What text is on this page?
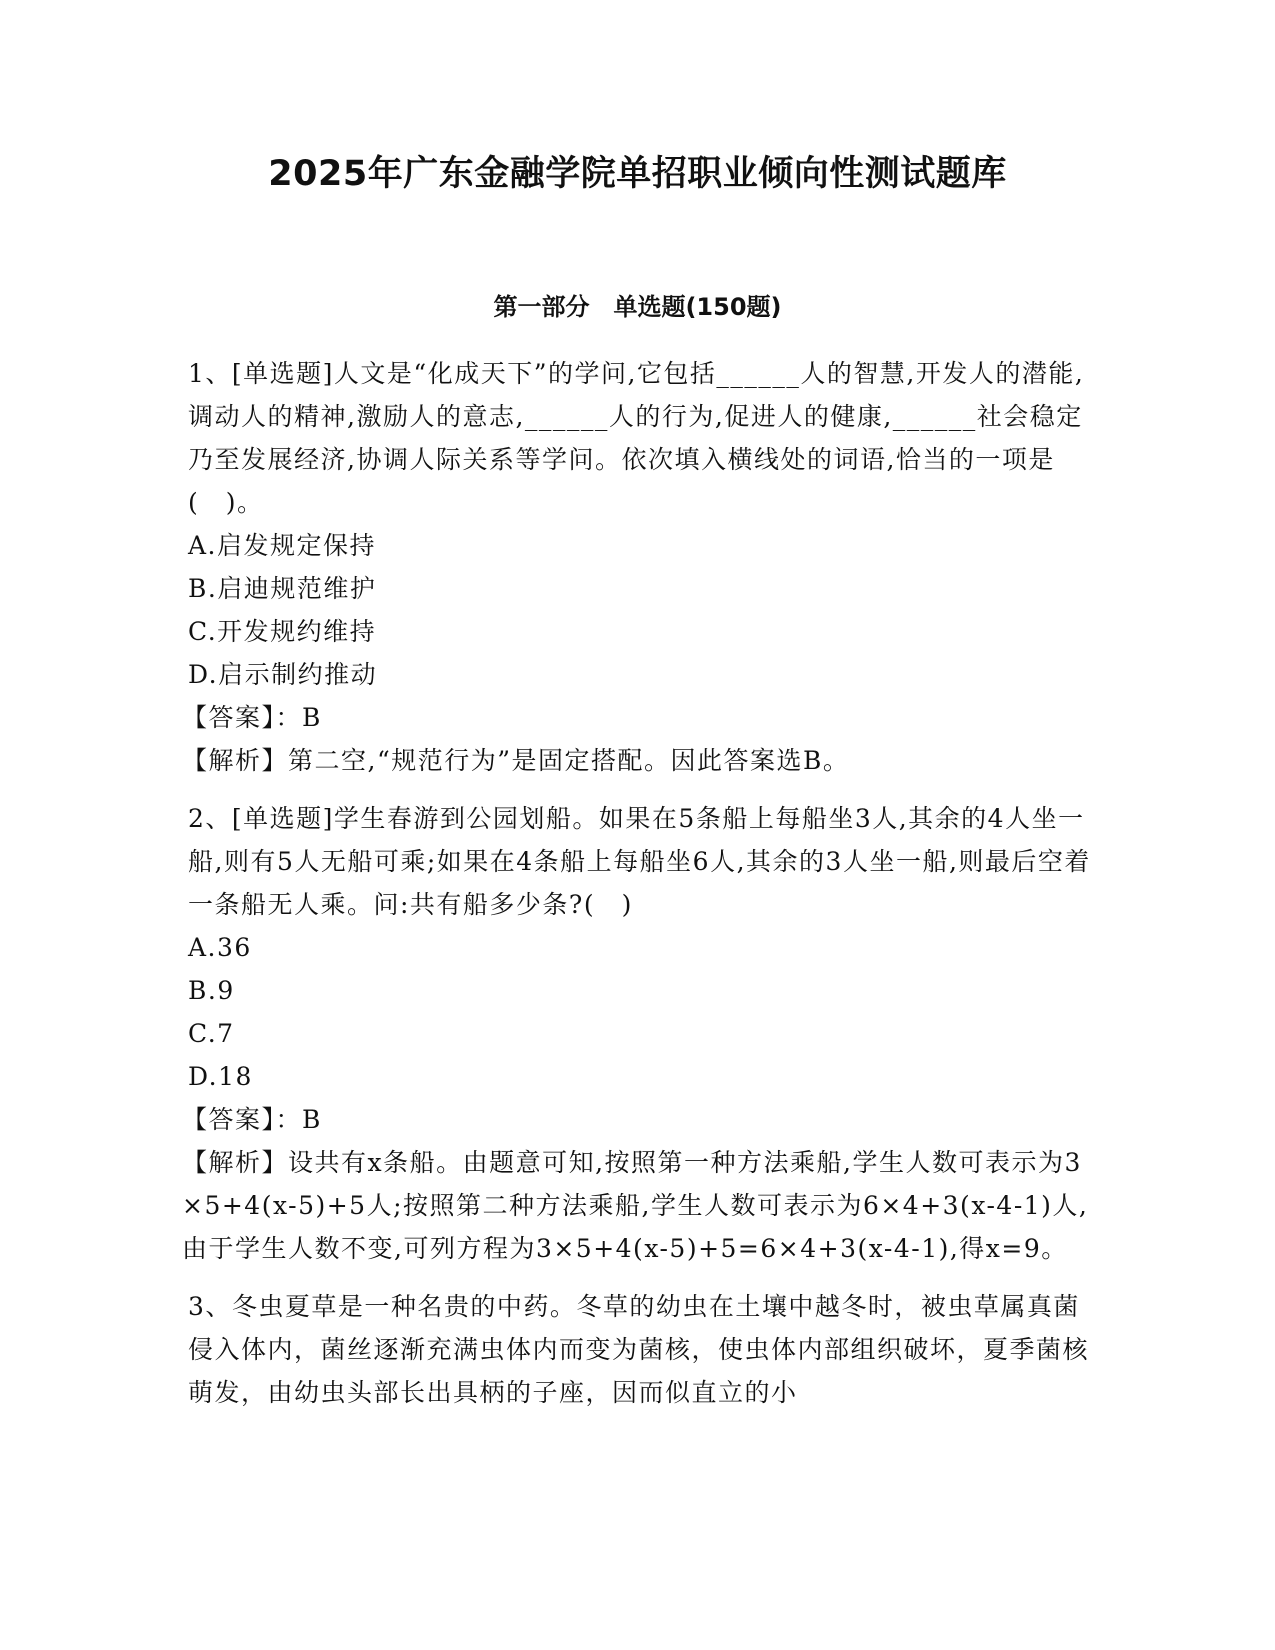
2025年广东金融学院单招职业倾向性测试题库
第一部分 单选题(150题)

1、[单选题]人文是“化成天下”的学问,它包括______人的智慧,开发人的潜能,调动人的精神,激励人的意志,______人的行为,促进人的健康,______社会稳定乃至发展经济,协调人际关系等学问。依次填入横线处的词语,恰当的一项是(　)。

A.启发规定保持

B.启迪规范维护

C.开发规约维持

D.启示制约推动

【答案】：B

【解析】第二空,“规范行为”是固定搭配。因此答案选B。

2、[单选题]学生春游到公园划船。如果在5条船上每船坐3人,其余的4人坐一船,则有5人无船可乘;如果在4条船上每船坐6人,其余的3人坐一船,则最后空着一条船无人乘。问:共有船多少条?(　)

A.36

B.9

C.7

D.18

【答案】：B

【解析】设共有x条船。由题意可知,按照第一种方法乘船,学生人数可表示为3×5+4(x-5)+5人;按照第二种方法乘船,学生人数可表示为6×4+3(x-4-1)人,由于学生人数不变,可列方程为3×5+4(x-5)+5=6×4+3(x-4-1),得x=9。

3、冬虫夏草是一种名贵的中药。冬草的幼虫在土壤中越冬时，被虫草属真菌侵入体内，菌丝逐渐充满虫体内而变为菌核，使虫体内部组织破坏，夏季菌核萌发，由幼虫头部长出具柄的子座，因而似直立的小
